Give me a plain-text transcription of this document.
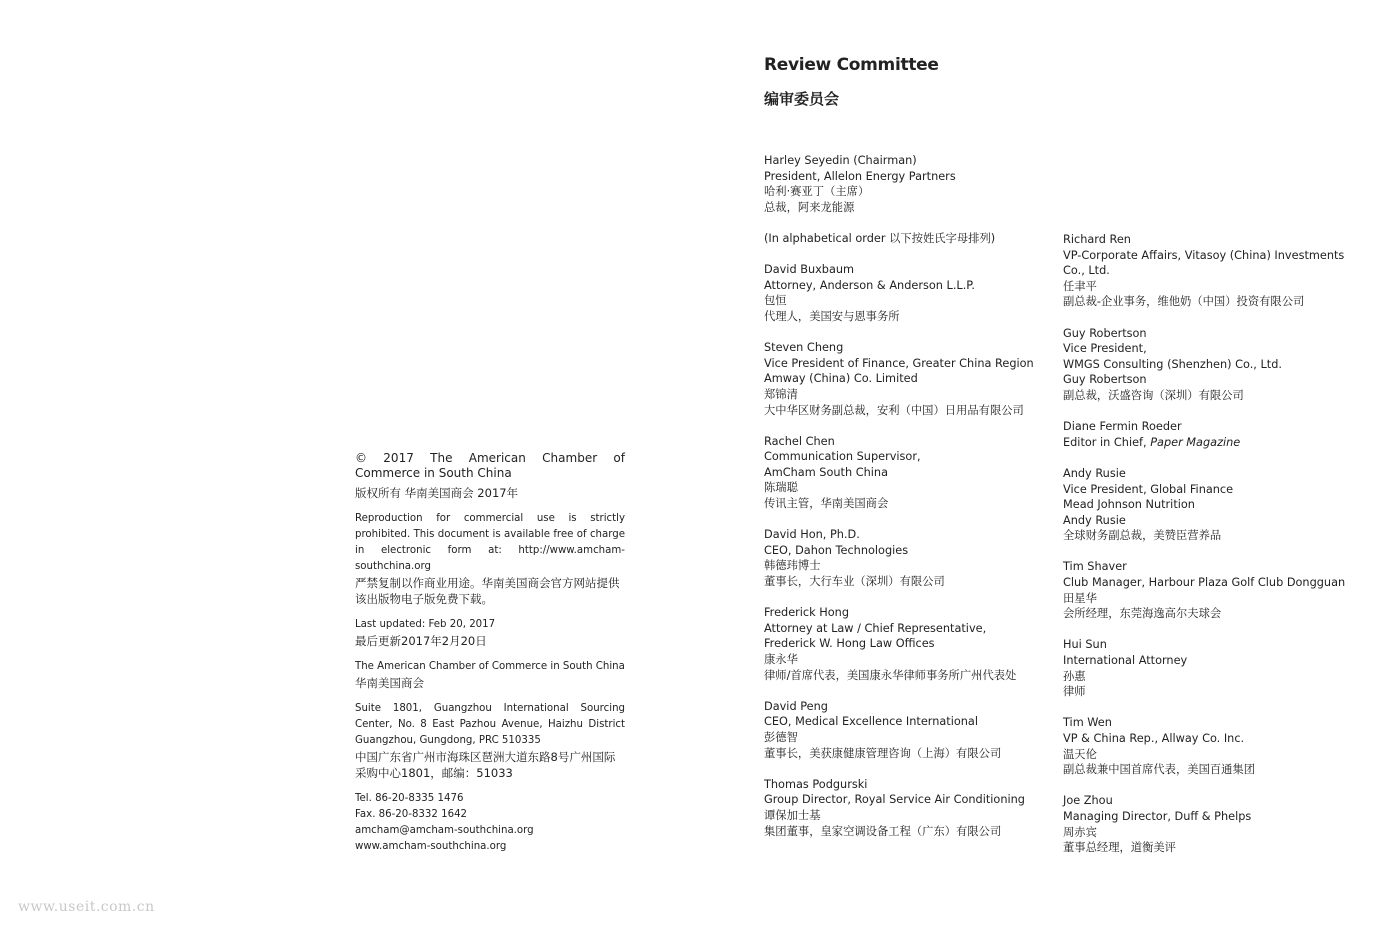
Review Committee
编审委员会
Harley Seyedin (Chairman)
President, Allelon Energy Partners
哈利·赛亚丁（主席）
总裁，阿来龙能源
(In alphabetical order 以下按姓氏字母排列)
David Buxbaum
Attorney, Anderson & Anderson L.L.P.
包恒
代理人，美国安与恩事务所
Steven Cheng
Vice President of Finance, Greater China Region
Amway (China) Co. Limited
郑锦清
大中华区财务副总裁，安利（中国）日用品有限公司
Rachel Chen
Communication Supervisor,
AmCham South China
陈瑞聪
传讯主管，华南美国商会
David Hon, Ph.D.
CEO, Dahon Technologies
韩德玮博士
董事长，大行车业（深圳）有限公司
Frederick Hong
Attorney at Law / Chief Representative,
Frederick W. Hong Law Offices
康永华
律师/首席代表，美国康永华律师事务所广州代表处
David Peng
CEO, Medical Excellence International
彭德智
董事长，美获康健康管理咨询（上海）有限公司
Thomas Podgurski
Group Director, Royal Service Air Conditioning
谭保加士基
集团董事，皇家空调设备工程（广东）有限公司
Richard Ren
VP-Corporate Affairs, Vitasoy (China) Investments
Co., Ltd.
任聿平
副总裁-企业事务，维他奶（中国）投资有限公司
Guy Robertson
Vice President,
WMGS Consulting (Shenzhen) Co., Ltd.
Guy Robertson
副总裁，沃盛咨询（深圳）有限公司
Diane Fermin Roeder
Editor in Chief, Paper Magazine
Andy Rusie
Vice President, Global Finance
Mead Johnson Nutrition
Andy Rusie
全球财务副总裁，美赞臣营养品
Tim Shaver
Club Manager, Harbour Plaza Golf Club Dongguan
田星华
会所经理，东莞海逸高尔夫球会
Hui Sun
International Attorney
孙惠
律师
Tim Wen
VP & China Rep., Allway Co. Inc.
温天伦
副总裁兼中国首席代表，美国百通集团
Joe Zhou
Managing Director, Duff & Phelps
周赤宾
董事总经理，道衡美评
© 2017 The American Chamber of Commerce in South China
版权所有 华南美国商会 2017年
Reproduction for commercial use is strictly prohibited. This document is available free of charge in electronic form at: http://www.amcham-southchina.org
严禁复制以作商业用途。华南美国商会官方网站提供该出版物电子版免费下载。
Last updated: Feb 20, 2017
最后更新2017年2月20日
The American Chamber of Commerce in South China
华南美国商会
Suite 1801, Guangzhou International Sourcing Center, No. 8 East Pazhou Avenue, Haizhu District Guangzhou, Gungdong, PRC 510335
中国广东省广州市海珠区琶洲大道东路8号广州国际采购中心1801，邮编：51033
Tel. 86-20-8335 1476
Fax. 86-20-8332 1642
amcham@amcham-southchina.org
www.amcham-southchina.org
www.useit.com.cn
